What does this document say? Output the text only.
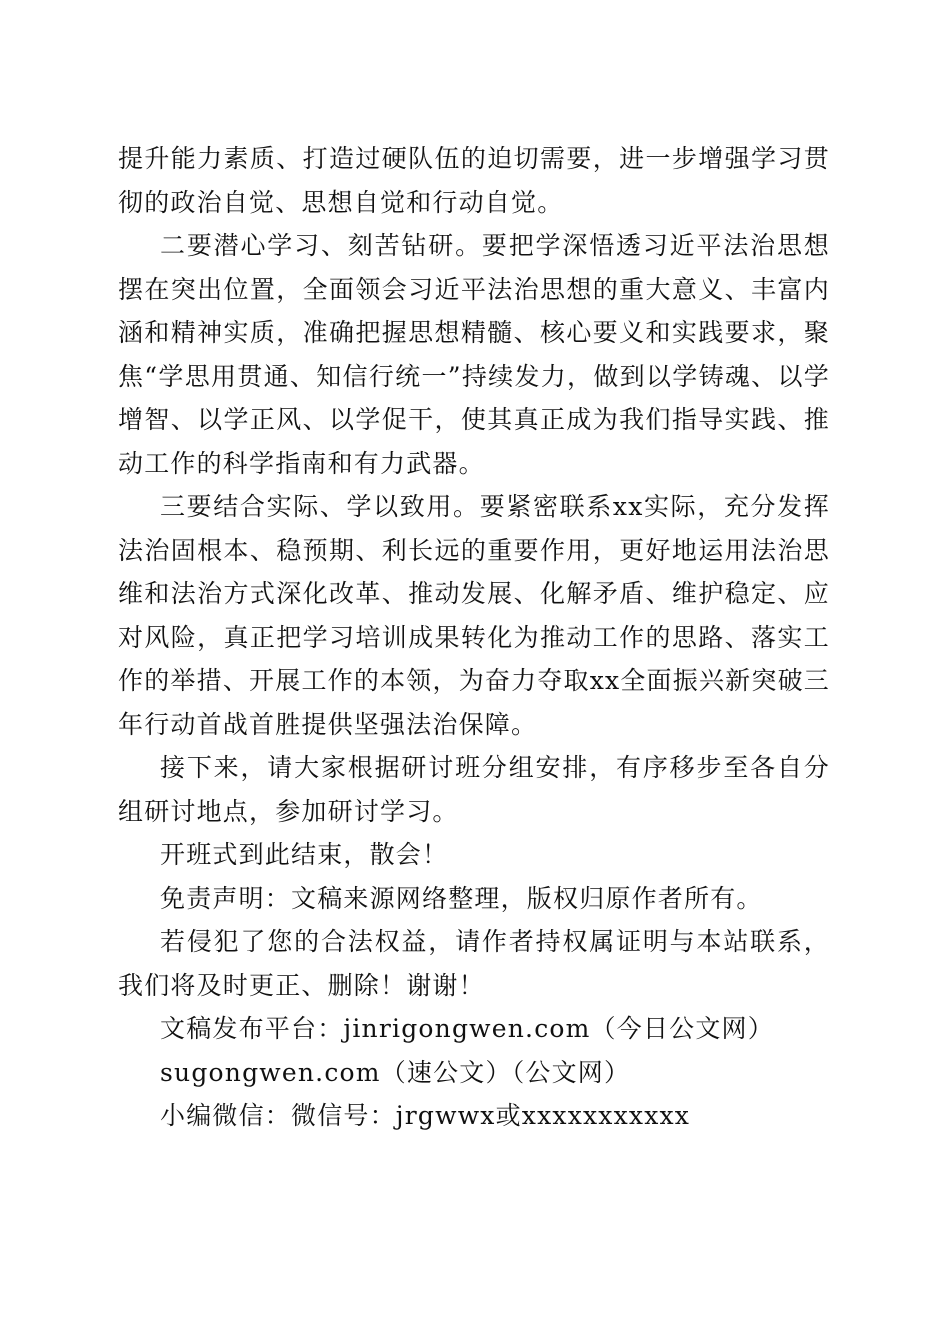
提升能力素质、打造过硬队伍的迫切需要，进一步增强学习贯彻的政治自觉、思想自觉和行动自觉。

二要潜心学习、刻苦钻研。要把学深悟透习近平法治思想摆在突出位置，全面领会习近平法治思想的重大意义、丰富内涵和精神实质，准确把握思想精髓、核心要义和实践要求，聚焦“学思用贯通、知信行统一”持续发力，做到以学铸魂、以学增智、以学正风、以学促干，使其真正成为我们指导实践、推动工作的科学指南和有力武器。

三要结合实际、学以致用。要紧密联系xx实际，充分发挥法治固根本、稳预期、利长远的重要作用，更好地运用法治思维和法治方式深化改革、推动发展、化解矛盾、维护稳定、应对风险，真正把学习培训成果转化为推动工作的思路、落实工作的举措、开展工作的本领，为奋力夺取xx全面振兴新突破三年行动首战首胜提供坚强法治保障。

接下来，请大家根据研讨班分组安排，有序移步至各自分组研讨地点，参加研讨学习。

开班式到此结束，散会！

免责声明：文稿来源网络整理，版权归原作者所有。

若侵犯了您的合法权益，请作者持权属证明与本站联系，我们将及时更正、删除！谢谢！

文稿发布平台：jinrigongwen.com（今日公文网）

sugongwen.com（速公文）（公文网）

小编微信：微信号：jrgwwx或xxxxxxxxxxx
